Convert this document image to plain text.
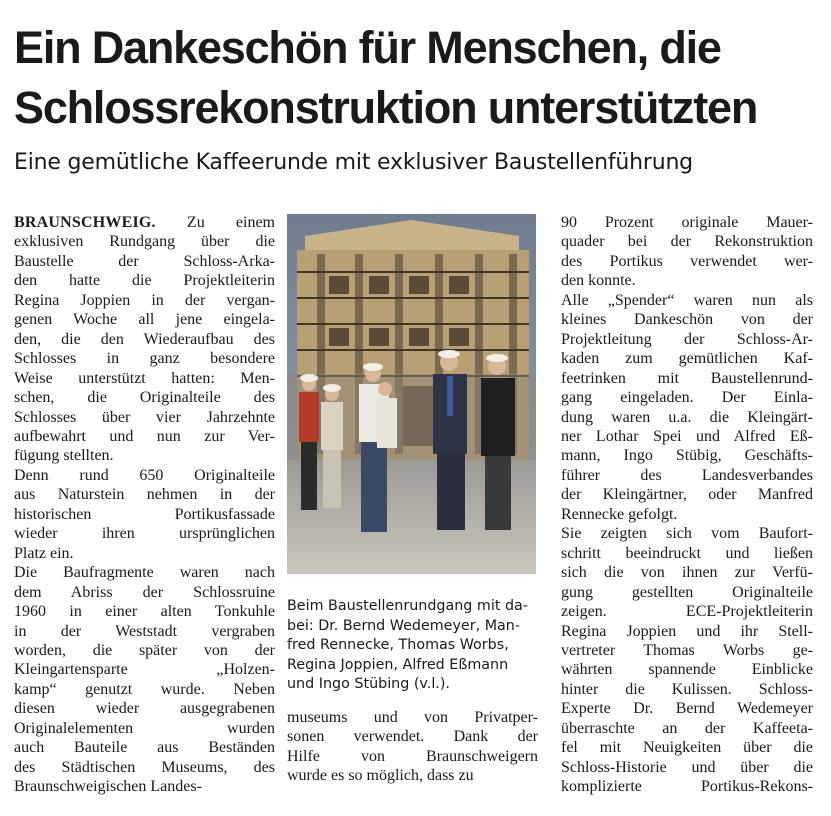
Ein Dankeschön für Menschen, die
Schlossrekonstruktion unterstützten
Eine gemütliche Kaffeerunde mit exklusiver Baustellenführung
BRAUNSCHWEIG. Zu einem
exklusiven Rundgang über die
Baustelle der Schloss-Arka-
den hatte die Projektleiterin
Regina Joppien in der vergan-
genen Woche all jene eingela-
den, die den Wiederaufbau des
Schlosses in ganz besondere
Weise unterstützt hatten: Men-
schen, die Originalteile des
Schlosses über vier Jahrzehnte
aufbewahrt und nun zur Ver-
fügung stellten.
Denn rund 650 Originalteile
aus Naturstein nehmen in der
historischen Portikusfassade
wieder ihren ursprünglichen
Platz ein.
Die Baufragmente waren nach
dem Abriss der Schlossruine
1960 in einer alten Tonkuhle
in der Weststadt vergraben
worden, die später von der
Kleingartensparte „Holzen-
kamp“ genutzt wurde. Neben
diesen wieder ausgegrabenen
Originalelementen wurden
auch Bauteile aus Beständen
des Städtischen Museums, des
Braunschweigischen Landes-
Beim Baustellenrundgang mit da-
bei: Dr. Bernd Wedemeyer, Man-
fred Rennecke, Thomas Worbs,
Regina Joppien, Alfred Eßmann
und Ingo Stübing (v.l.).
museums und von Privatper-
sonen verwendet. Dank der
Hilfe von Braunschweigern
wurde es so möglich, dass zu
90 Prozent originale Mauer-
quader bei der Rekonstruktion
des Portikus verwendet wer-
den konnte.
Alle „Spender“ waren nun als
kleines Dankeschön von der
Projektleitung der Schloss-Ar-
kaden zum gemütlichen Kaf-
feetrinken mit Baustellenrund-
gang eingeladen. Der Einla-
dung waren u.a. die Kleingärt-
ner Lothar Spei und Alfred Eß-
mann, Ingo Stübig, Geschäfts-
führer des Landesverbandes
der Kleingärtner, oder Manfred
Rennecke gefolgt.
Sie zeigten sich vom Baufort-
schritt beeindruckt und ließen
sich die von ihnen zur Verfü-
gung gestellten Originalteile
zeigen. ECE-Projektleiterin
Regina Joppien und ihr Stell-
vertreter Thomas Worbs ge-
währten spannende Einblicke
hinter die Kulissen. Schloss-
Experte Dr. Bernd Wedemeyer
überraschte an der Kaffeeta-
fel mit Neuigkeiten über die
Schloss-Historie und über die
komplizierte Portikus-Rekons-
